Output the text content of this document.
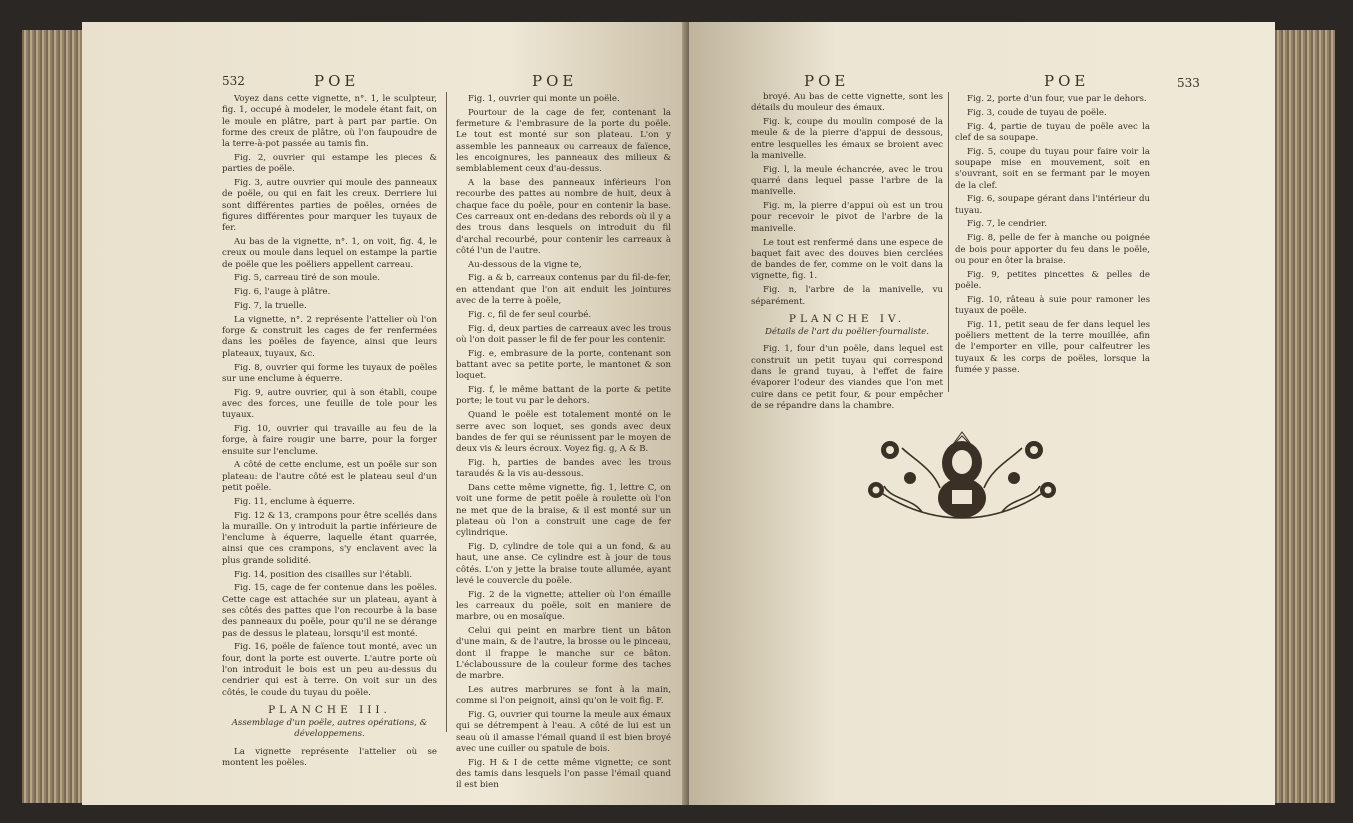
532	POE	POE

Voyez dans cette vignette, n°. 1, le sculpteur, fig. 1, occupé à modeler, le modele étant fait, on le moule en plâtre, part à part par partie. On forme des creux de plâtre, où l'on faupoudre de la terre-à-pot passée au tamis fin.

Fig. 2, ouvrier qui estampe les pieces & parties de poële.

Fig. 3, autre ouvrier qui moule des panneaux de poële, ou qui en fait les creux. Derriere lui sont différentes parties de poëles, ornées de figures différentes pour marquer les tuyaux de fer.

Au bas de la vignette, n°. 1, on voit, fig. 4, le creux ou moule dans lequel on estampe la partie de poële que les poëliers appellent carreau.

Fig. 5, carreau tiré de son moule.

Fig. 6, l'auge à plâtre.

Fig. 7, la truelle.

La vignette, n°. 2 représente l'attelier où l'on forge & construit les cages de fer renfermées dans les poëles de fayence, ainsi que leurs plateaux, tuyaux, &c.

Fig. 8, ouvrier qui forme les tuyaux de poëles sur une enclume à équerre.

Fig. 9, autre ouvrier, qui à son établi, coupe avec des forces, une feuille de tole pour les tuyaux.

Fig. 10, ouvrier qui travaille au feu de la forge, à faire rougir une barre, pour la forger ensuite sur l'enclume.

A côté de cette enclume, est un poële sur son plateau: de l'autre côté est le plateau seul d'un petit poële.

Fig. 11, enclume à équerre.

Fig. 12 & 13, crampons pour être scellés dans la muraille. On y introduit la partie inférieure de l'enclume à équerre, laquelle étant quarrée, ainsi que ces crampons, s'y enclavent avec la plus grande solidité.

Fig. 14, position des cisailles sur l'établi.

Fig. 15, cage de fer contenue dans les poëles. Cette cage est attachée sur un plateau, ayant à ses côtés des pattes que l'on recourbe à la base des panneaux du poële, pour qu'il ne se dérange pas de dessus le plateau, lorsqu'il est monté.

Fig. 16, poële de faïence tout monté, avec un four, dont la porte est ouverte. L'autre porte où l'on introduit le bois est un peu au-dessus du cendrier qui est à terre. On voit sur un des côtés, le coude du tuyau du poële.

PLANCHE III.

Assemblage d'un poële, autres opérations, & développemens.

La vignette représente l'attelier où se montent les poëles.

Fig. 1, ouvrier qui monte un poële.

Pourtour de la cage de fer, contenant la fermeture & l'embrasure de la porte du poële. Le tout est monté sur son plateau. L'on y assemble les panneaux ou carreaux de faïence, les encoignures, les panneaux des milieux & semblablement ceux d'au-dessus.

A la base des panneaux inférieurs l'on recourbe des pattes au nombre de huit, deux à chaque face du poële, pour en contenir la base. Ces carreaux ont en-dedans des rebords où il y a des trous dans lesquels on introduit du fil d'archal recourbé, pour contenir les carreaux à côté l'un de l'autre.

Au-dessous de la vigne te,

Fig. a & b, carreaux contenus par du fil-de-fer, en attendant que l'on ait enduit les jointures avec de la terre à poële,

Fig. c, fil de fer seul courbé.

Fig. d, deux parties de carreaux avec les trous où l'on doit passer le fil de fer pour les contenir.

Fig. e, embrasure de la porte, contenant son battant avec sa petite porte, le mantonet & son loquet.

Fig. f, le même battant de la porte & petite porte; le tout vu par le dehors.

Quand le poële est totalement monté on le serre avec son loquet, ses gonds avec deux bandes de fer qui se réunissent par le moyen de deux vis & leurs écroux. Voyez fig. g, A & B.

Fig. h, parties de bandes avec les trous taraudés & la vis au-dessous.

Dans cette même vignette, fig. 1, lettre C, on voit une forme de petit poële à roulette où l'on ne met que de la braise, & il est monté sur un plateau où l'on a construit une cage de fer cylindrique.

Fig. D, cylindre de tole qui a un fond, & au haut, une anse. Ce cylindre est à jour de tous côtés. L'on y jette la braise toute allumée, ayant levé le couvercle du poële.

Fig. 2 de la vignette; attelier où l'on émaille les carreaux du poële, soit en maniere de marbre, ou en mosaïque.

Celui qui peint en marbre tient un bâton d'une main, & de l'autre, la brosse ou le pinceau, dont il frappe le manche sur ce bâton. L'éclaboussure de la couleur forme des taches de marbre.

Les autres marbrures se font à la main, comme si l'on peignoit, ainsi qu'on le voit fig. F.

Fig. G, ouvrier qui tourne la meule aux émaux qui se détrempent à l'eau. A côté de lui est un seau où il amasse l'émail quand il est bien broyé avec une cuiller ou spatule de bois.

Fig. H & I de cette même vignette; ce sont des tamis dans lesquels l'on passe l'émail quand il est bien

POE	POE	533

broyé. Au bas de cette vignette, sont les détails du mouleur des émaux.

Fig. k, coupe du moulin composé de la meule & de la pierre d'appui de dessous, entre lesquelles les émaux se broient avec la manivelle.

Fig. l, la meule échancrée, avec le trou quarré dans lequel passe l'arbre de la manivelle.

Fig. m, la pierre d'appui où est un trou pour recevoir le pivot de l'arbre de la manivelle.

Le tout est renfermé dans une espece de baquet fait avec des douves bien cerclées de bandes de fer, comme on le voit dans la vignette, fig. 1.

Fig. n, l'arbre de la manivelle, vu séparément.

PLANCHE IV.

Détails de l'art du poëlier-fournaliste.

Fig. 1, four d'un poële, dans lequel est construit un petit tuyau qui correspond dans le grand tuyau, à l'effet de faire évaporer l'odeur des viandes que l'on met cuire dans ce petit four, & pour empêcher de se répandre dans la chambre.

Fig. 2, porte d'un four, vue par le dehors.

Fig. 3, coude de tuyau de poële.

Fig. 4, partie de tuyau de poële avec la clef de sa soupape.

Fig. 5, coupe du tuyau pour faire voir la soupape mise en mouvement, soit en s'ouvrant, soit en se fermant par le moyen de la clef.

Fig. 6, soupape gérant dans l'intérieur du tuyau.

Fig. 7, le cendrier.

Fig. 8, pelle de fer à manche ou poignée de bois pour apporter du feu dans le poële, ou pour en ôter la braise.

Fig. 9, petites pincettes & pelles de poële.

Fig. 10, râteau à suie pour ramoner les tuyaux de poële.

Fig. 11, petit seau de fer dans lequel les poëliers mettent de la terre mouillée, afin de l'emporter en ville, pour calfeutrer les tuyaux & les corps de poëles, lorsque la fumée y passe.
